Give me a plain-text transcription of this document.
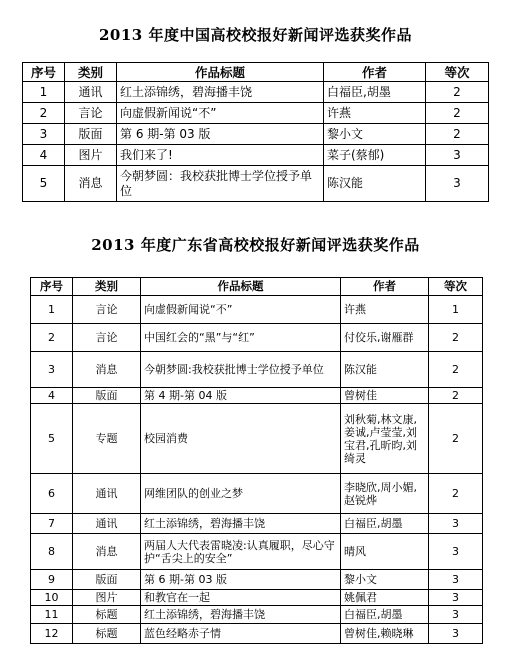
2013 年度中国高校校报好新闻评选获奖作品
序号	类别	作品标题	作者	等次
1	通讯	红土添锦绣，碧海播丰饶	白福臣,胡墨	2
2	言论	向虚假新闻说“不”	许燕	2
3	版面	第 6 期-第 03 版	黎小文	2
4	图片	我们来了!	菜子(蔡郁)	3
5	消息	今朝梦圆：我校获批博士学位授予单位	陈汉能	3
2013 年度广东省高校校报好新闻评选获奖作品
序号	类别	作品标题	作者	等次
1	言论	向虚假新闻说“不”	许燕	1
2	言论	中国红会的“黑”与“红”	付佼乐,谢雁群	2
3	消息	今朝梦圆:我校获批博士学位授予单位	陈汉能	2
4	版面	第 4 期-第 04 版	曾树佳	2
5	专题	校园消费	刘秋菊,林文康,姜诚,卢莹莹,刘宝君,孔昕昀,刘绮灵	2
6	通讯	网维团队的创业之梦	李晓欣,周小媚,赵锐烨	2
7	通讯	红土添锦绣，碧海播丰饶	白福臣,胡墨	3
8	消息	两届人大代表雷晓凌:认真履职，尽心守护“舌尖上的安全”	晴风	3
9	版面	第 6 期-第 03 版	黎小文	3
10	图片	和教官在一起	姚佩君	3
11	标题	红土添锦绣，碧海播丰饶	白福臣,胡墨	3
12	标题	蓝色经略赤子情	曾树佳,赖晓琳	3
